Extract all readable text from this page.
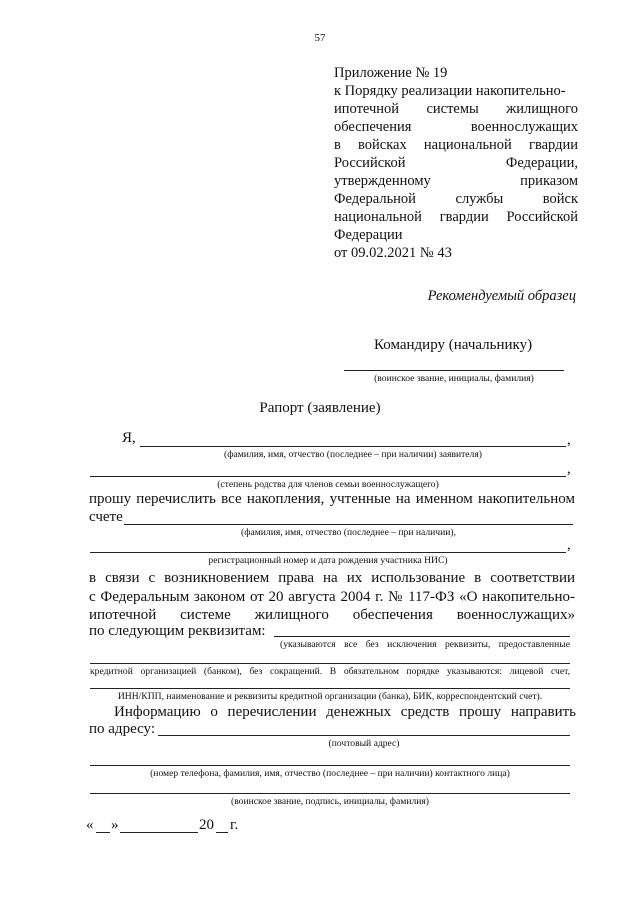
57
Приложение № 19
к Порядку реализации накопительно-
ипотечной системы жилищного
обеспечения военнослужащих
в войсках национальной гвардии
Российской Федерации,
утвержденному приказом
Федеральной службы войск
национальной гвардии Российской
Федерации
от 09.02.2021 № 43
Рекомендуемый образец
Командиру (начальнику)
(воинское звание, инициалы, фамилия)
Рапорт (заявление)
Я,	,
(фамилия, имя, отчество (последнее – при наличии) заявителя)
,
(степень родства для членов семьи военнослужащего)
прошу перечислить все накопления, учтенные на именном накопительном
счете
(фамилия, имя, отчество (последнее – при наличии),
,
регистрационный номер и дата рождения участника НИС)
в связи с возникновением права на их использование в соответствии
с Федеральным законом от 20 августа 2004 г. № 117-ФЗ «О накопительно-
ипотечной системе жилищного обеспечения военнослужащих»
по следующим реквизитам:
(указываются все без исключения реквизиты, предоставленные
кредитной организацией (банком), без сокращений. В обязательном порядке указываются: лицевой счет,
ИНН/КПП, наименование и реквизиты кредитной организации (банка), БИК, корреспондентский счет).
Информацию о перечислении денежных средств прошу направить
по адресу:
(почтовый адрес)
(номер телефона, фамилия, имя, отчество (последнее – при наличии) контактного лица)
(воинское звание, подпись, инициалы, фамилия)
« »	20 г.
